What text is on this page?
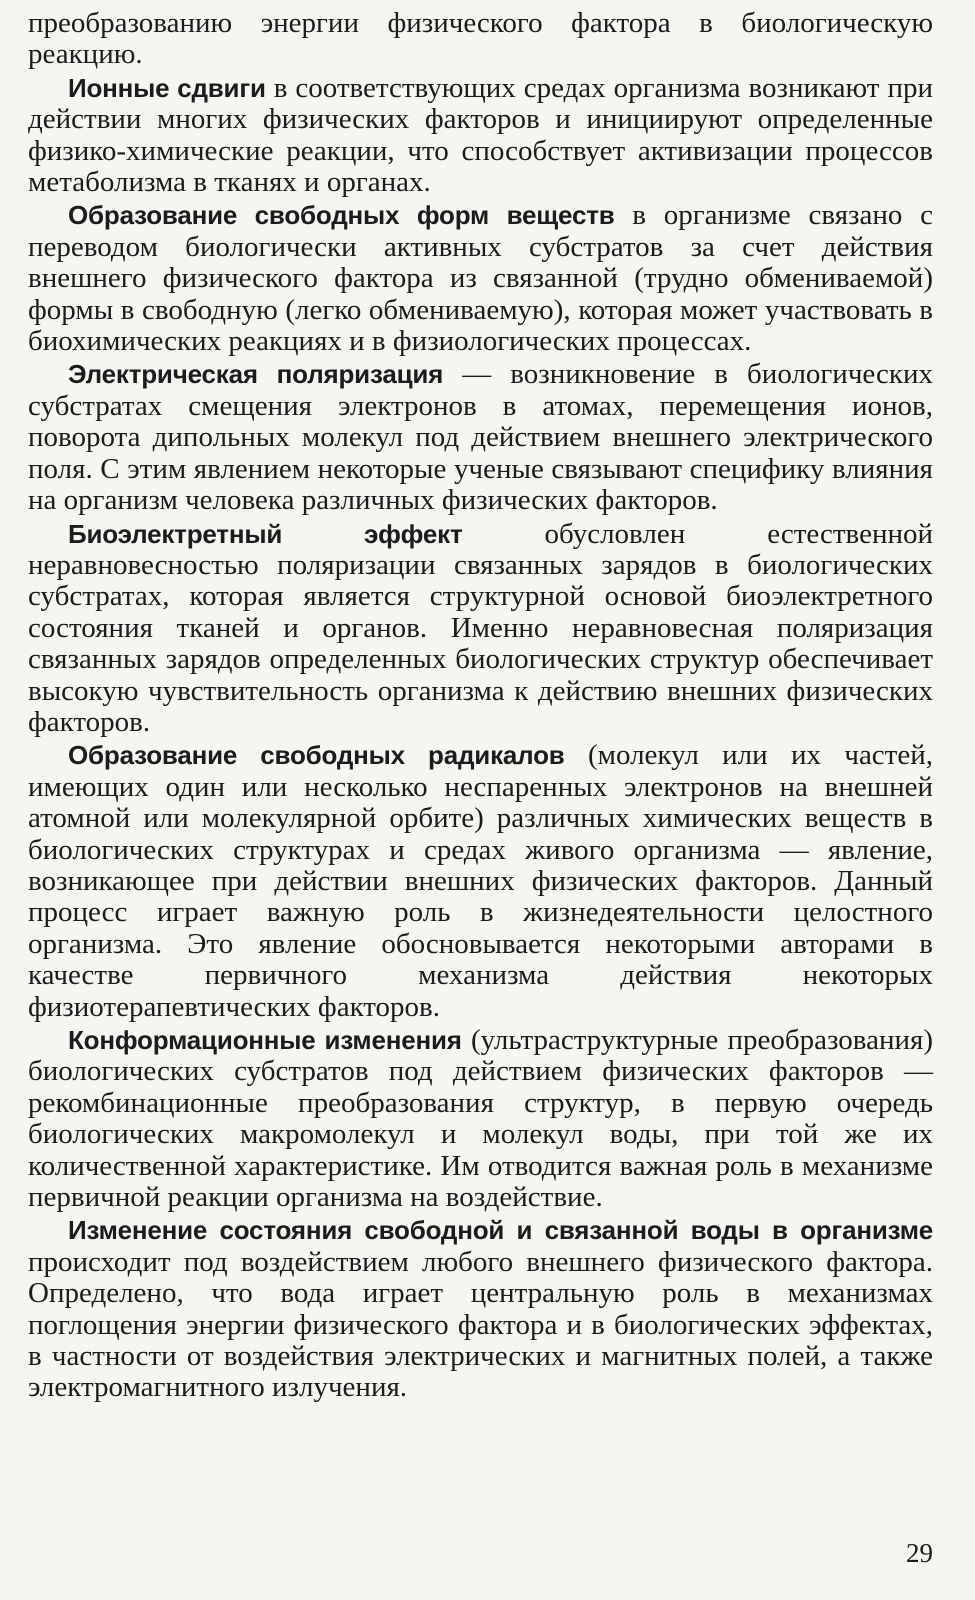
преобразованию энергии физического фактора в биологическую реакцию.

Ионные сдвиги в соответствующих средах организма возникают при действии многих физических факторов и инициируют определенные физико-химические реакции, что способствует активизации процессов метаболизма в тканях и органах.

Образование свободных форм веществ в организме связано с переводом биологически активных субстратов за счет действия внешнего физического фактора из связанной (трудно обмениваемой) формы в свободную (легко обмениваемую), которая может участвовать в биохимических реакциях и в физиологических процессах.

Электрическая поляризация — возникновение в биологических субстратах смещения электронов в атомах, перемещения ионов, поворота дипольных молекул под действием внешнего электрического поля. С этим явлением некоторые ученые связывают специфику влияния на организм человека различных физических факторов.

Биоэлектретный эффект обусловлен естественной неравновесностью поляризации связанных зарядов в биологических субстратах, которая является структурной основой биоэлектретного состояния тканей и органов. Именно неравновесная поляризация связанных зарядов определенных биологических структур обеспечивает высокую чувствительность организма к действию внешних физических факторов.

Образование свободных радикалов (молекул или их частей, имеющих один или несколько неспаренных электронов на внешней атомной или молекулярной орбите) различных химических веществ в биологических структурах и средах живого организма — явление, возникающее при действии внешних физических факторов. Данный процесс играет важную роль в жизнедеятельности целостного организма. Это явление обосновывается некоторыми авторами в качестве первичного механизма действия некоторых физиотерапевтических факторов.

Конформационные изменения (ультраструктурные преобразования) биологических субстратов под действием физических факторов — рекомбинационные преобразования структур, в первую очередь биологических макромолекул и молекул воды, при той же их количественной характеристике. Им отводится важная роль в механизме первичной реакции организма на воздействие.

Изменение состояния свободной и связанной воды в организме происходит под воздействием любого внешнего физического фактора. Определено, что вода играет центральную роль в механизмах поглощения энергии физического фактора и в биологических эффектах, в частности от воздействия электрических и магнитных полей, а также электромагнитного излучения.

29
